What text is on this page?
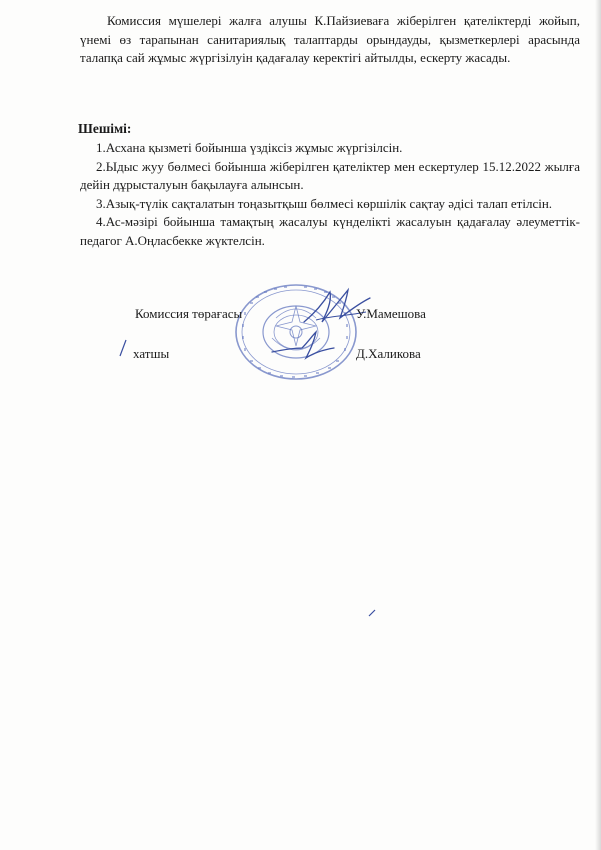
Комиссия мүшелері жалға алушы К.Пайзиеваға жіберілген қателіктерді жойып, үнемі өз тарапынан санитариялық талаптарды орындауды, қызметкерлері арасында талапқа сай жұмыс жүргізілуін қадағалау керектігі айтылды, ескерту жасады.

Шешімі:

1.Асхана қызметі бойынша үздіксіз жұмыс жүргізілсін.

2.Ыдыс жуу бөлмесі бойынша жіберілген қателіктер мен ескертулер 15.12.2022 жылға дейін дұрысталуын бақылауға алынсын.

3.Азық-түлік сақталатын тоңазытқыш бөлмесі көршілік сақтау әдісі талап етілсін.

4.Ас-мәзірі бойынша тамақтың жасалуы күнделікті жасалуын қадағалау әлеуметтік-педагог А.Оңласбекке жүктелсін.

Комиссия төрағасы	У.Мамешова
хатшы	Д.Халикова
